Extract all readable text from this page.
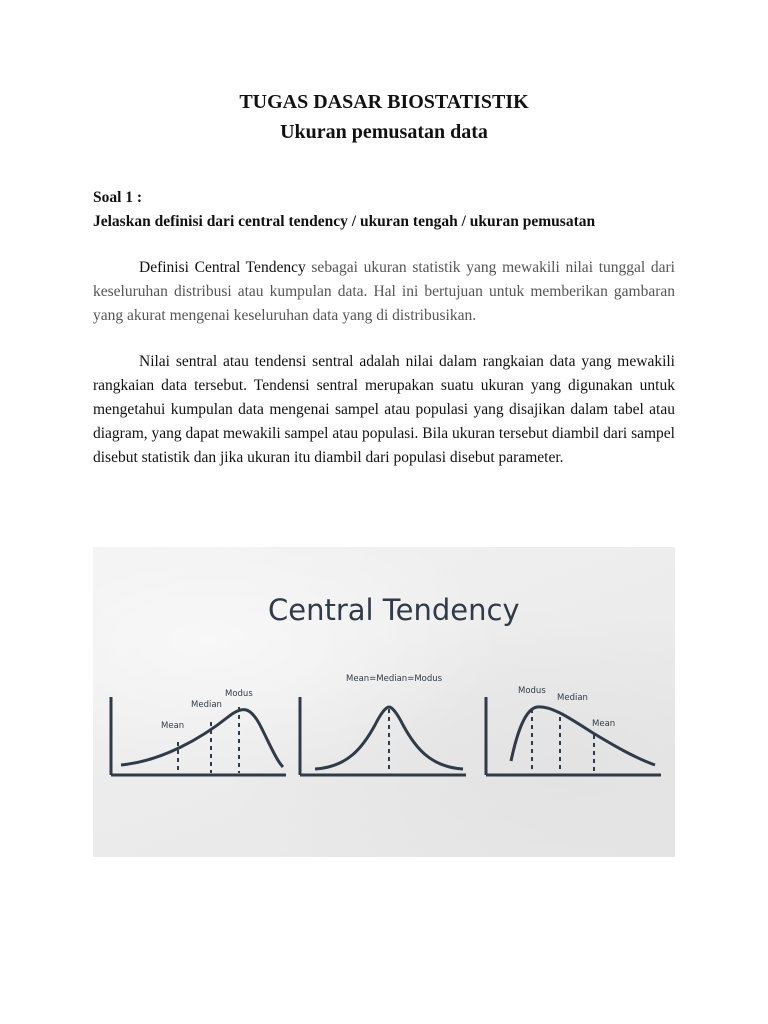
TUGAS DASAR BIOSTATISTIK
Ukuran pemusatan data
Soal 1 :
Jelaskan definisi dari central tendency / ukuran tengah / ukuran pemusatan

Definisi Central Tendency sebagai ukuran statistik yang mewakili nilai tunggal dari keseluruhan distribusi atau kumpulan data. Hal ini bertujuan untuk memberikan gambaran yang akurat mengenai keseluruhan data yang di distribusikan.

Nilai sentral atau tendensi sentral adalah nilai dalam rangkaian data yang mewakili rangkaian data tersebut. Tendensi sentral merupakan suatu ukuran yang digunakan untuk mengetahui kumpulan data mengenai sampel atau populasi yang disajikan dalam tabel atau diagram, yang dapat mewakili sampel atau populasi. Bila ukuran tersebut diambil dari sampel disebut statistik dan jika ukuran itu diambil dari populasi disebut parameter.

Central Tendency
Mean
Median
Modus
Mean=Median=Modus
Modus
Median
Mean
